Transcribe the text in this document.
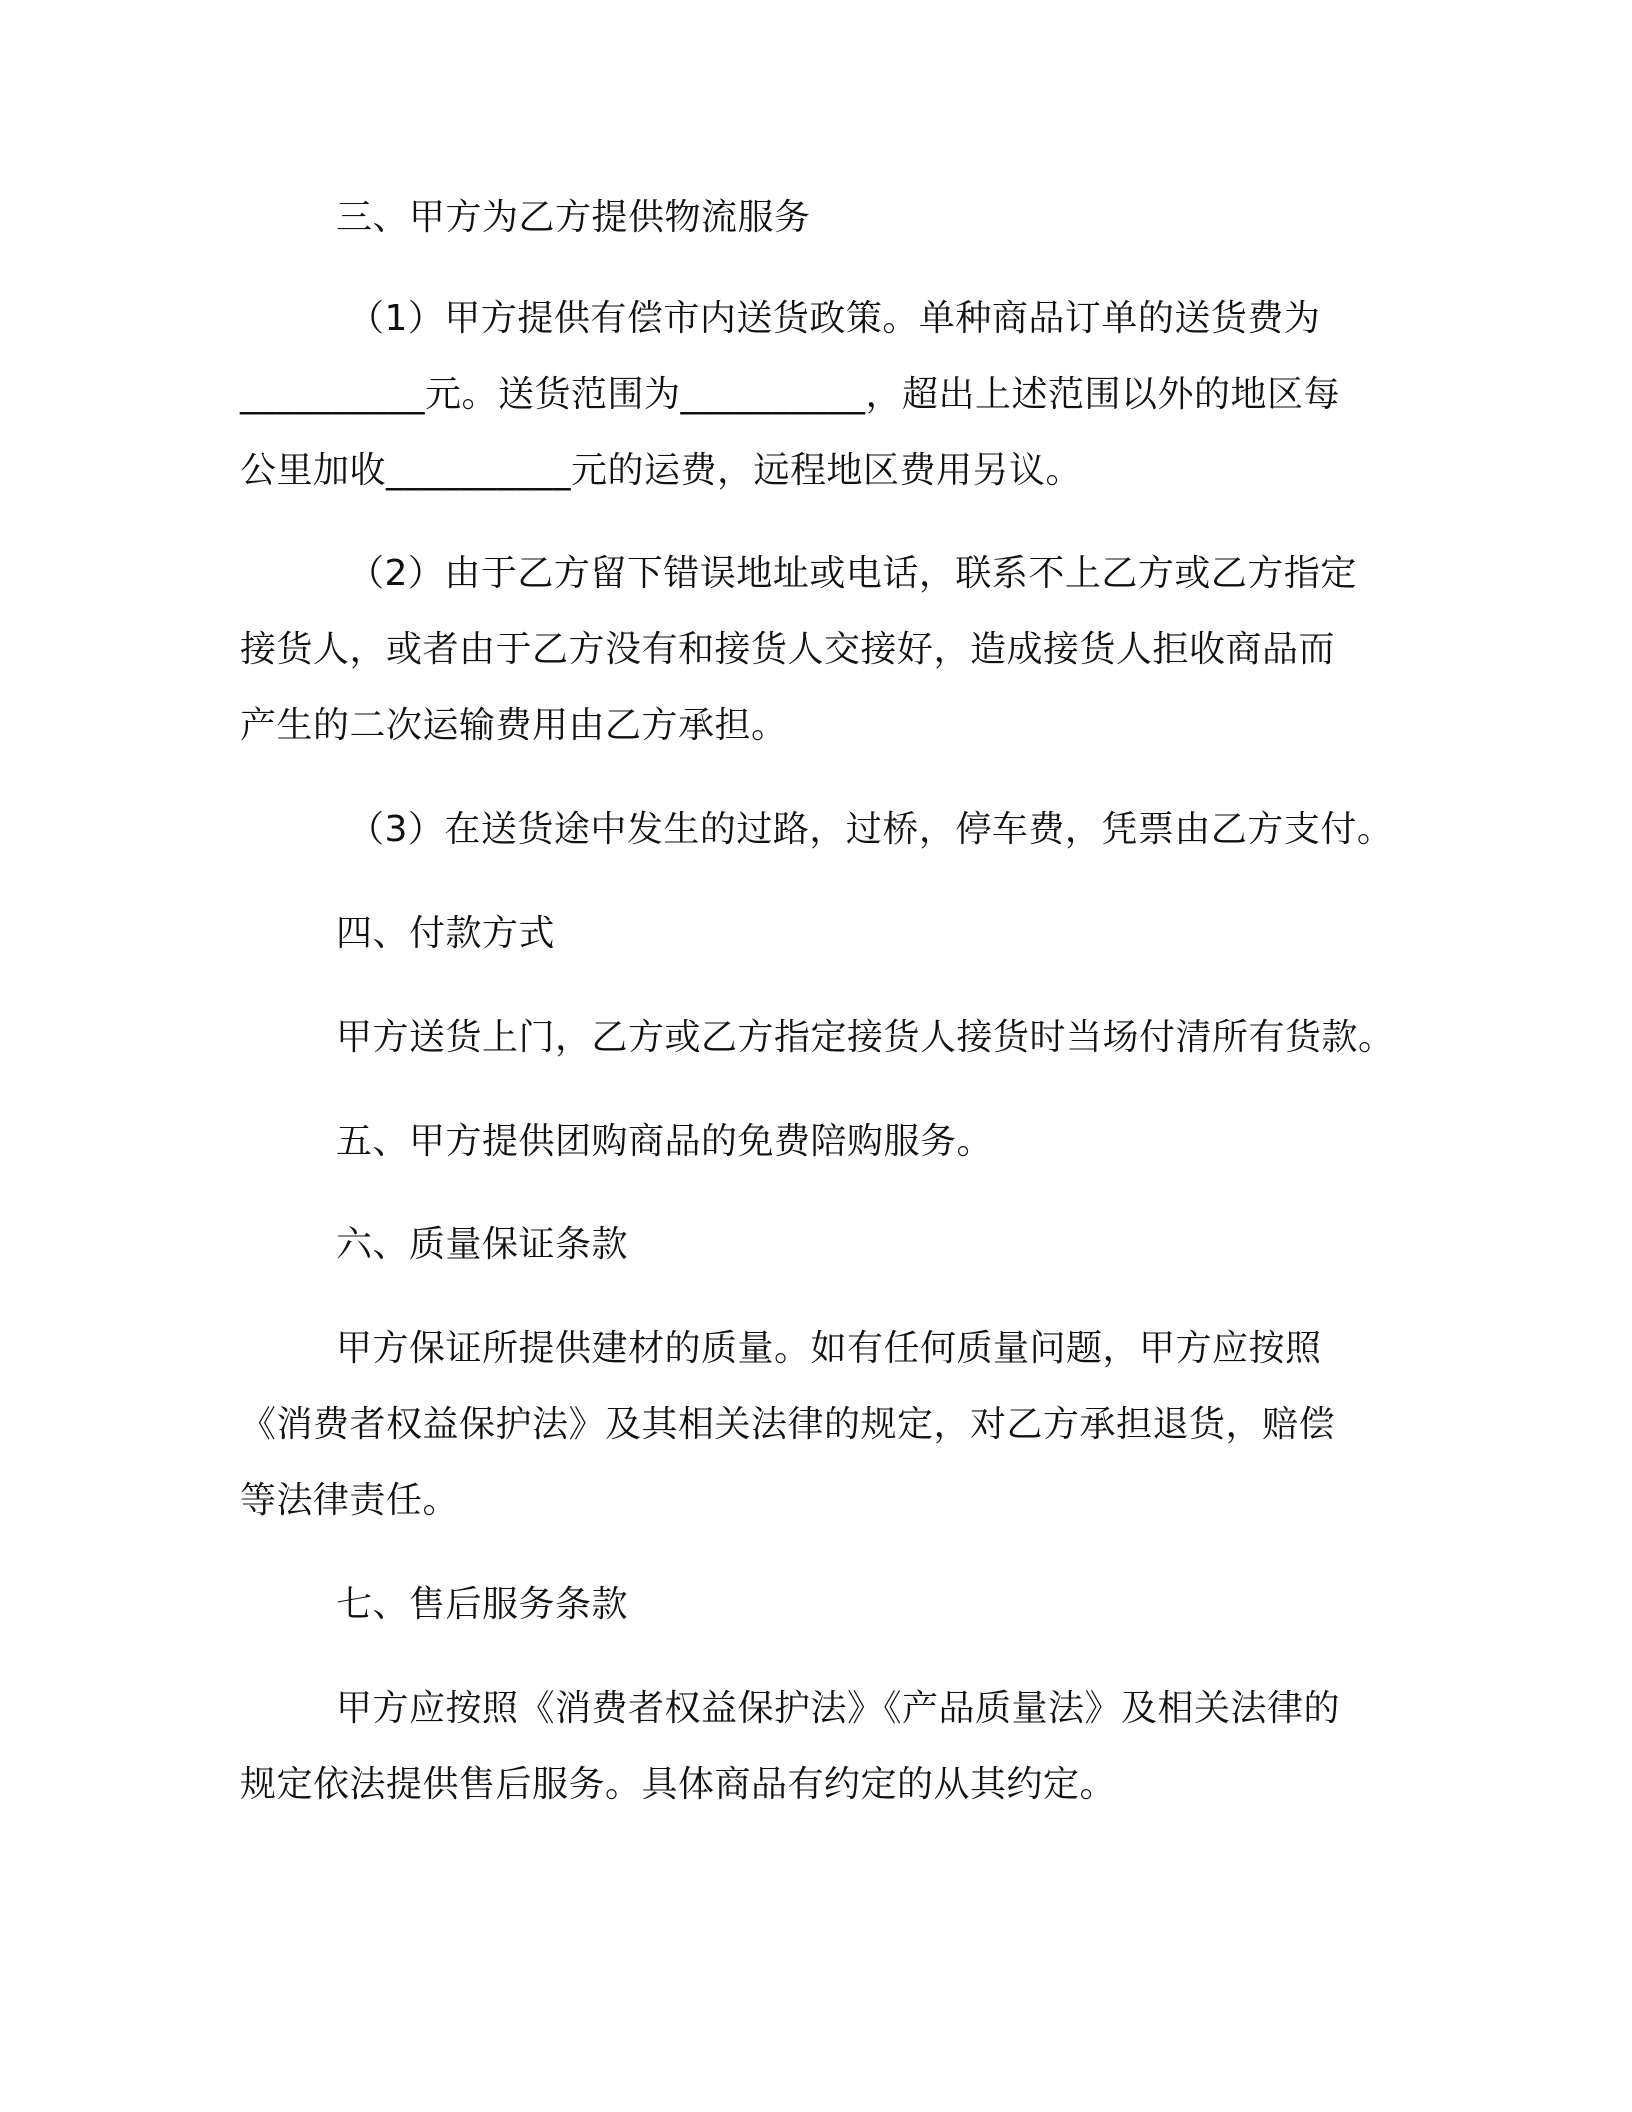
三、甲方为乙方提供物流服务
（1）甲方提供有偿市内送货政策。单种商品订单的送货费为
__________元。送货范围为__________，超出上述范围以外的地区每
公里加收__________元的运费，远程地区费用另议。
（2）由于乙方留下错误地址或电话，联系不上乙方或乙方指定
接货人，或者由于乙方没有和接货人交接好，造成接货人拒收商品而
产生的二次运输费用由乙方承担。
（3）在送货途中发生的过路，过桥，停车费，凭票由乙方支付。
四、付款方式
甲方送货上门，乙方或乙方指定接货人接货时当场付清所有货款。
五、甲方提供团购商品的免费陪购服务。
六、质量保证条款
甲方保证所提供建材的质量。如有任何质量问题，甲方应按照
《消费者权益保护法》及其相关法律的规定，对乙方承担退货，赔偿
等法律责任。
七、售后服务条款
甲方应按照《消费者权益保护法》《产品质量法》及相关法律的
规定依法提供售后服务。具体商品有约定的从其约定。
